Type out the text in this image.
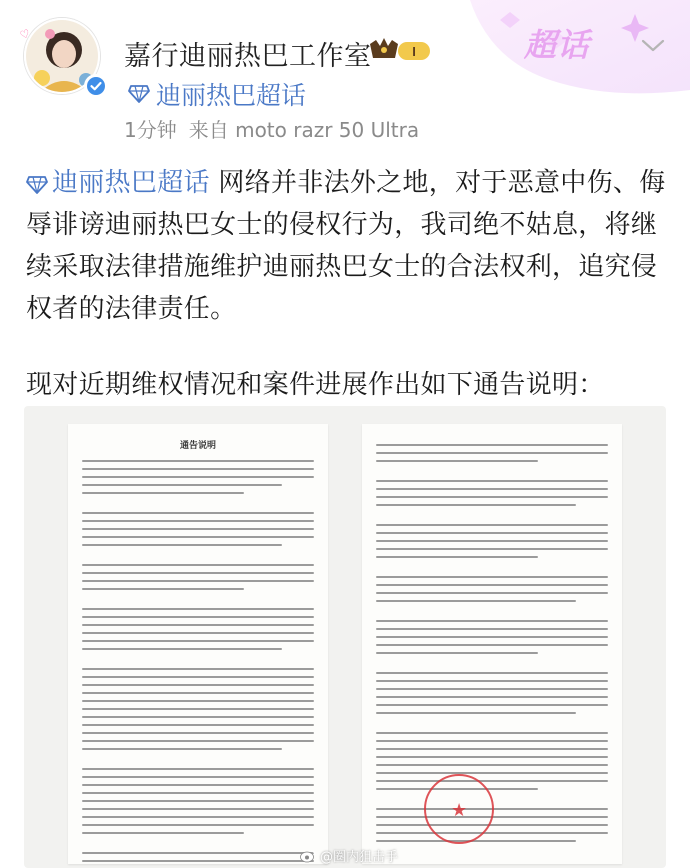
♡
嘉行迪丽热巴工作室	I
迪丽热巴超话
1分钟 来自 moto razr 50 Ultra
超话
迪丽热巴超话 网络并非法外之地，对于恶意中伤、侮辱诽谤迪丽热巴女士的侵权行为，我司绝不姑息，将继续采取法律措施维护迪丽热巴女士的合法权利，追究侵权者的法律责任。
现对近期维权情况和案件进展作出如下通告说明：
通告说明
★
@圈内狙击手
